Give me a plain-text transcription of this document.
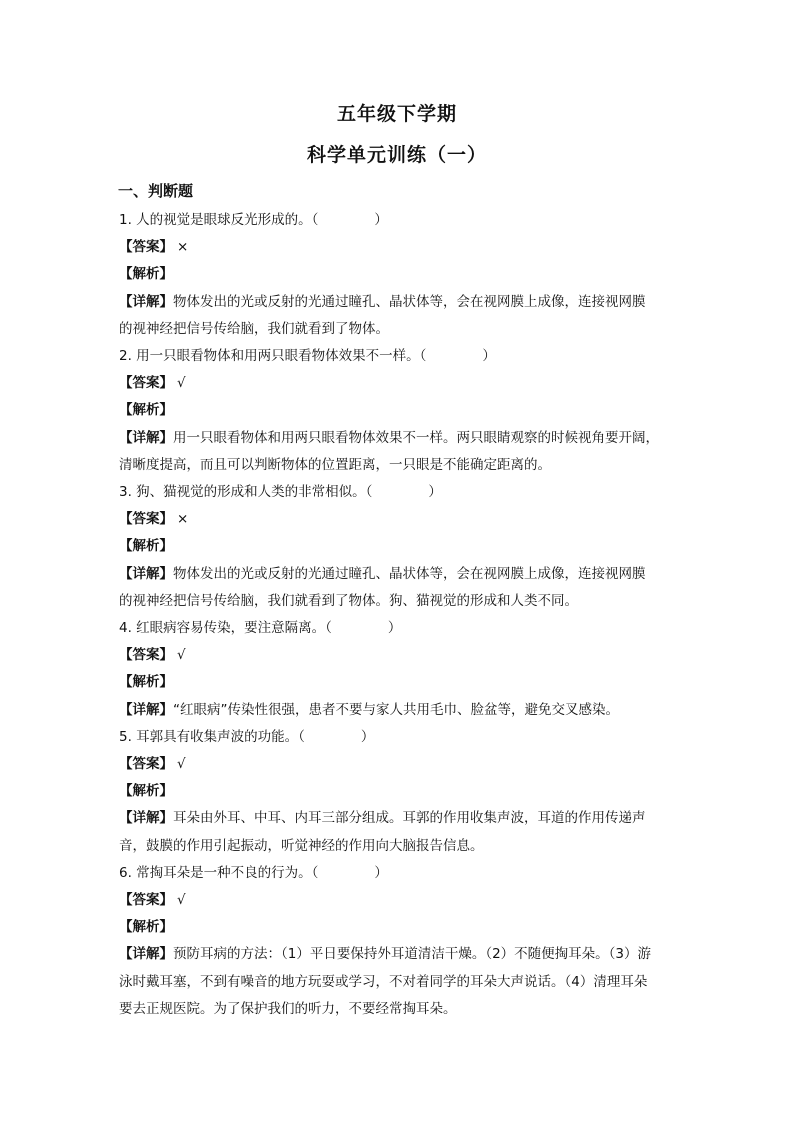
五年级下学期
科学单元训练（一）
一、判断题

1. 人的视觉是眼球反光形成的。（	）

【答案】 ×

【解析】

【详解】物体发出的光或反射的光通过瞳孔、晶状体等，会在视网膜上成像，连接视网膜

的视神经把信号传给脑，我们就看到了物体。

2. 用一只眼看物体和用两只眼看物体效果不一样。（	）

【答案】 √

【解析】

【详解】用一只眼看物体和用两只眼看物体效果不一样。两只眼睛观察的时候视角要开阔，

清晰度提高，而且可以判断物体的位置距离，一只眼是不能确定距离的。

3. 狗、猫视觉的形成和人类的非常相似。（	）

【答案】 ×

【解析】

【详解】物体发出的光或反射的光通过瞳孔、晶状体等，会在视网膜上成像，连接视网膜

的视神经把信号传给脑，我们就看到了物体。狗、猫视觉的形成和人类不同。

4. 红眼病容易传染，要注意隔离。（	）

【答案】 √

【解析】

【详解】“红眼病”传染性很强，患者不要与家人共用毛巾、脸盆等，避免交叉感染。

5. 耳郭具有收集声波的功能。（	）

【答案】 √

【解析】

【详解】耳朵由外耳、中耳、内耳三部分组成。耳郭的作用收集声波，耳道的作用传递声

音，鼓膜的作用引起振动，听觉神经的作用向大脑报告信息。

6. 常掏耳朵是一种不良的行为。（	）

【答案】 √

【解析】

【详解】预防耳病的方法：（1）平日要保持外耳道清洁干燥。（2）不随便掏耳朵。（3）游

泳时戴耳塞，不到有噪音的地方玩耍或学习，不对着同学的耳朵大声说话。（4）清理耳朵

要去正规医院。为了保护我们的听力，不要经常掏耳朵。
